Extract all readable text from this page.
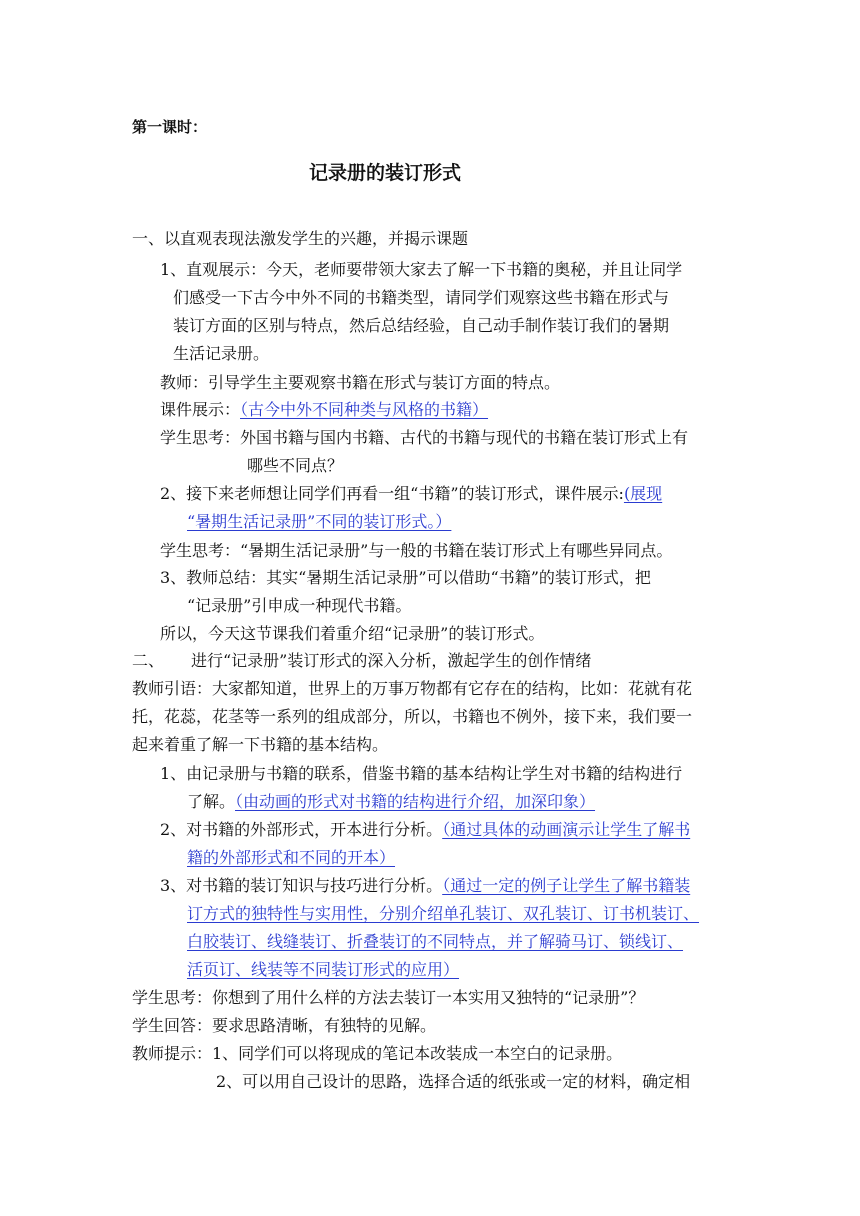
第一课时：
记录册的装订形式
一、以直观表现法激发学生的兴趣，并揭示课题
1、直观展示：今天，老师要带领大家去了解一下书籍的奥秘，并且让同学
们感受一下古今中外不同的书籍类型，请同学们观察这些书籍在形式与
装订方面的区别与特点，然后总结经验，自己动手制作装订我们的暑期
生活记录册。
教师：引导学生主要观察书籍在形式与装订方面的特点。
课件展示：（古今中外不同种类与风格的书籍）
学生思考：外国书籍与国内书籍、古代的书籍与现代的书籍在装订形式上有
哪些不同点？
2、接下来老师想让同学们再看一组“书籍”的装订形式，课件展示:(展现
“暑期生活记录册”不同的装订形式。）
学生思考：“暑期生活记录册”与一般的书籍在装订形式上有哪些异同点。
3、教师总结：其实“暑期生活记录册”可以借助“书籍”的装订形式，把
“记录册”引申成一种现代书籍。
所以，今天这节课我们着重介绍“记录册”的装订形式。
二、 进行“记录册”装订形式的深入分析，激起学生的创作情绪
教师引语：大家都知道，世界上的万事万物都有它存在的结构，比如：花就有花
托，花蕊，花茎等一系列的组成部分，所以，书籍也不例外，接下来，我们要一
起来着重了解一下书籍的基本结构。
1、由记录册与书籍的联系，借鉴书籍的基本结构让学生对书籍的结构进行
了解。（由动画的形式对书籍的结构进行介绍，加深印象）
2、对书籍的外部形式，开本进行分析。（通过具体的动画演示让学生了解书
籍的外部形式和不同的开本）
3、对书籍的装订知识与技巧进行分析。（通过一定的例子让学生了解书籍装
订方式的独特性与实用性，分别介绍单孔装订、双孔装订、订书机装订、
白胶装订、线缝装订、折叠装订的不同特点，并了解骑马订、锁线订、
活页订、线装等不同装订形式的应用）
学生思考：你想到了用什么样的方法去装订一本实用又独特的“记录册”？
学生回答：要求思路清晰，有独特的见解。
教师提示：1、同学们可以将现成的笔记本改装成一本空白的记录册。
2、可以用自己设计的思路，选择合适的纸张或一定的材料，确定相
